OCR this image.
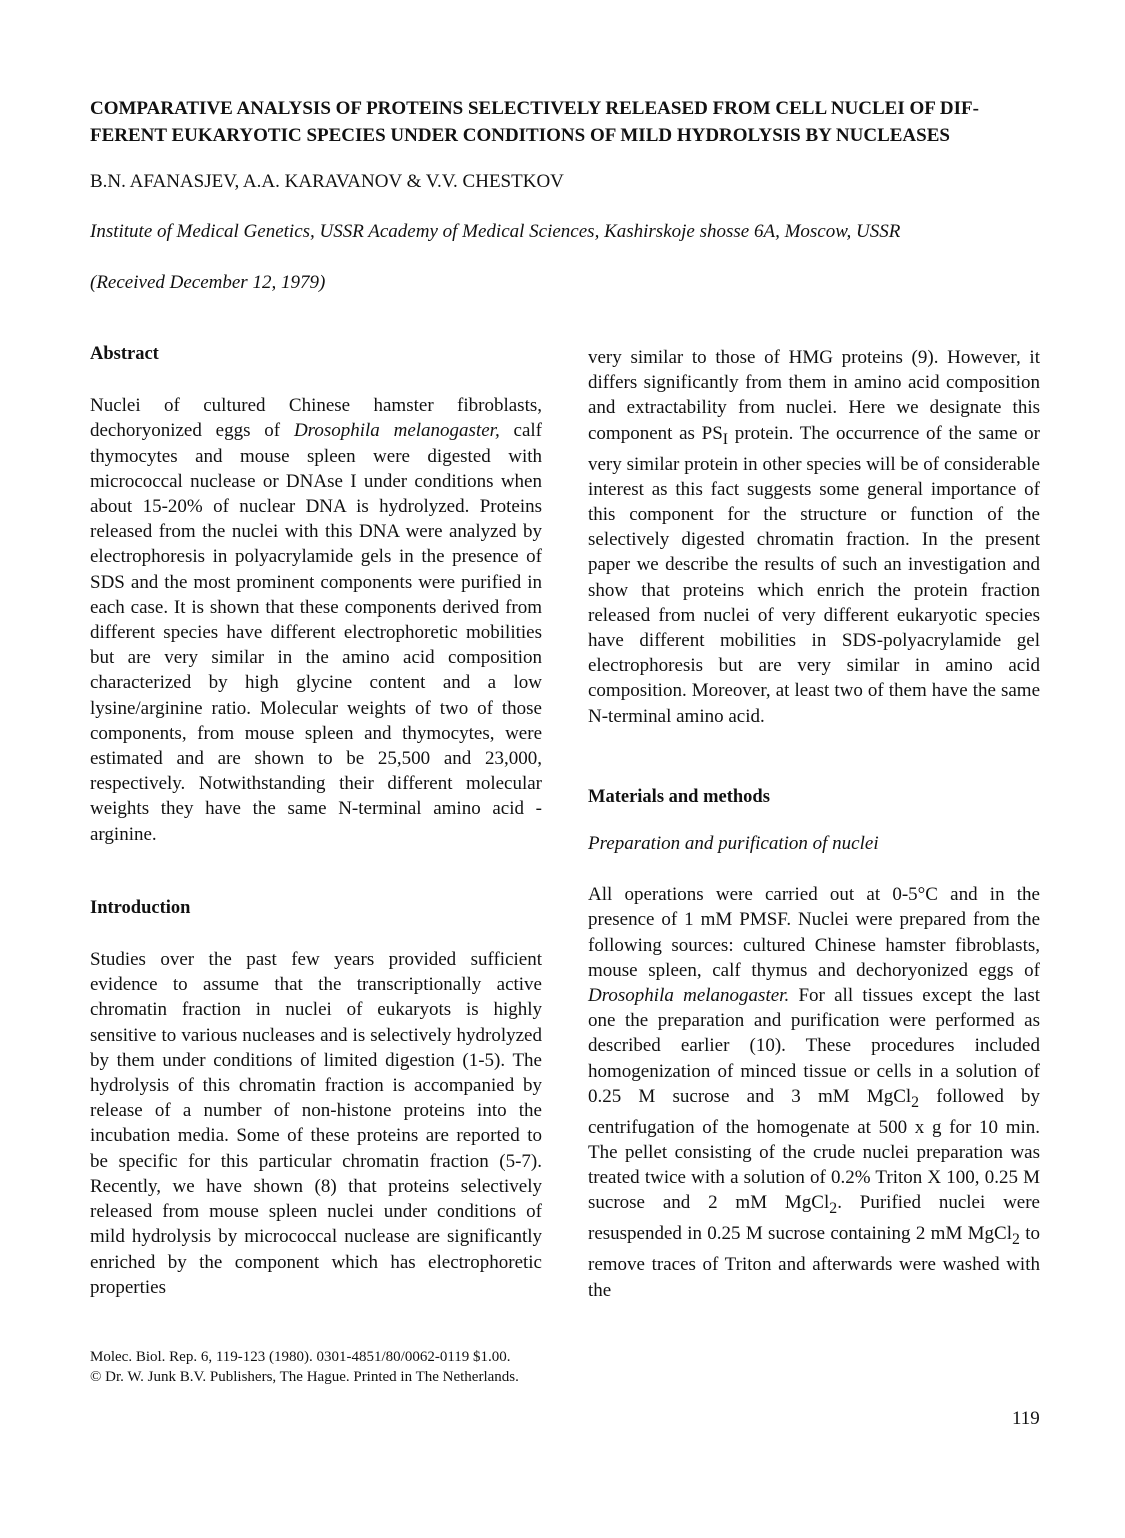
COMPARATIVE ANALYSIS OF PROTEINS SELECTIVELY RELEASED FROM CELL NUCLEI OF DIF-FERENT EUKARYOTIC SPECIES UNDER CONDITIONS OF MILD HYDROLYSIS BY NUCLEASES

B.N. AFANASJEV, A.A. KARAVANOV & V.V. CHESTKOV

Institute of Medical Genetics, USSR Academy of Medical Sciences, Kashirskoje shosse 6A, Moscow, USSR

(Received December 12, 1979)

Abstract

Nuclei of cultured Chinese hamster fibroblasts, dechoryonized eggs of Drosophila melanogaster, calf thymocytes and mouse spleen were digested with micrococcal nuclease or DNAse I under conditions when about 15-20% of nuclear DNA is hydrolyzed. Proteins released from the nuclei with this DNA were analyzed by electrophoresis in polyacrylamide gels in the presence of SDS and the most prominent components were purified in each case. It is shown that these components derived from different species have different electrophoretic mobilities but are very similar in the amino acid composition characterized by high glycine content and a low lysine/arginine ratio. Molecular weights of two of those components, from mouse spleen and thymocytes, were estimated and are shown to be 25,500 and 23,000, respectively. Notwithstanding their different molecular weights they have the same N-terminal amino acid - arginine.

Introduction

Studies over the past few years provided sufficient evidence to assume that the transcriptionally active chromatin fraction in nuclei of eukaryots is highly sensitive to various nucleases and is selectively hydrolyzed by them under conditions of limited digestion (1-5). The hydrolysis of this chromatin fraction is accompanied by release of a number of non-histone proteins into the incubation media. Some of these proteins are reported to be specific for this particular chromatin fraction (5-7). Recently, we have shown (8) that proteins selectively released from mouse spleen nuclei under conditions of mild hydrolysis by micrococcal nuclease are significantly enriched by the component which has electrophoretic properties

very similar to those of HMG proteins (9). However, it differs significantly from them in amino acid composition and extractability from nuclei. Here we designate this component as $PS_I$ protein. The occurrence of the same or very similar protein in other species will be of considerable interest as this fact suggests some general importance of this component for the structure or function of the selectively digested chromatin fraction. In the present paper we describe the results of such an investigation and show that proteins which enrich the protein fraction released from nuclei of very different eukaryotic species have different mobilities in SDS-polyacrylamide gel electrophoresis but are very similar in amino acid composition. Moreover, at least two of them have the same N-terminal amino acid.

Materials and methods
Preparation and purification of nuclei

All operations were carried out at 0-5°C and in the presence of 1 mM PMSF. Nuclei were prepared from the following sources: cultured Chinese hamster fibroblasts, mouse spleen, calf thymus and dechoryonized eggs of Drosophila melanogaster. For all tissues except the last one the preparation and purification were performed as described earlier (10). These procedures included homogenization of minced tissue or cells in a solution of 0.25 M sucrose and 3 mM MgCl$_2$ followed by centrifugation of the homogenate at 500 x g for 10 min. The pellet consisting of the crude nuclei preparation was treated twice with a solution of 0.2% Triton X 100, 0.25 M sucrose and 2 mM MgCl$_2$. Purified nuclei were resuspended in 0.25 M sucrose containing 2 mM MgCl$_2$ to remove traces of Triton and afterwards were washed with the

Molec. Biol. Rep. 6, 119-123 (1980). 0301-4851/80/0062-0119 $1.00.
© Dr. W. Junk B.V. Publishers, The Hague. Printed in The Netherlands.
119
